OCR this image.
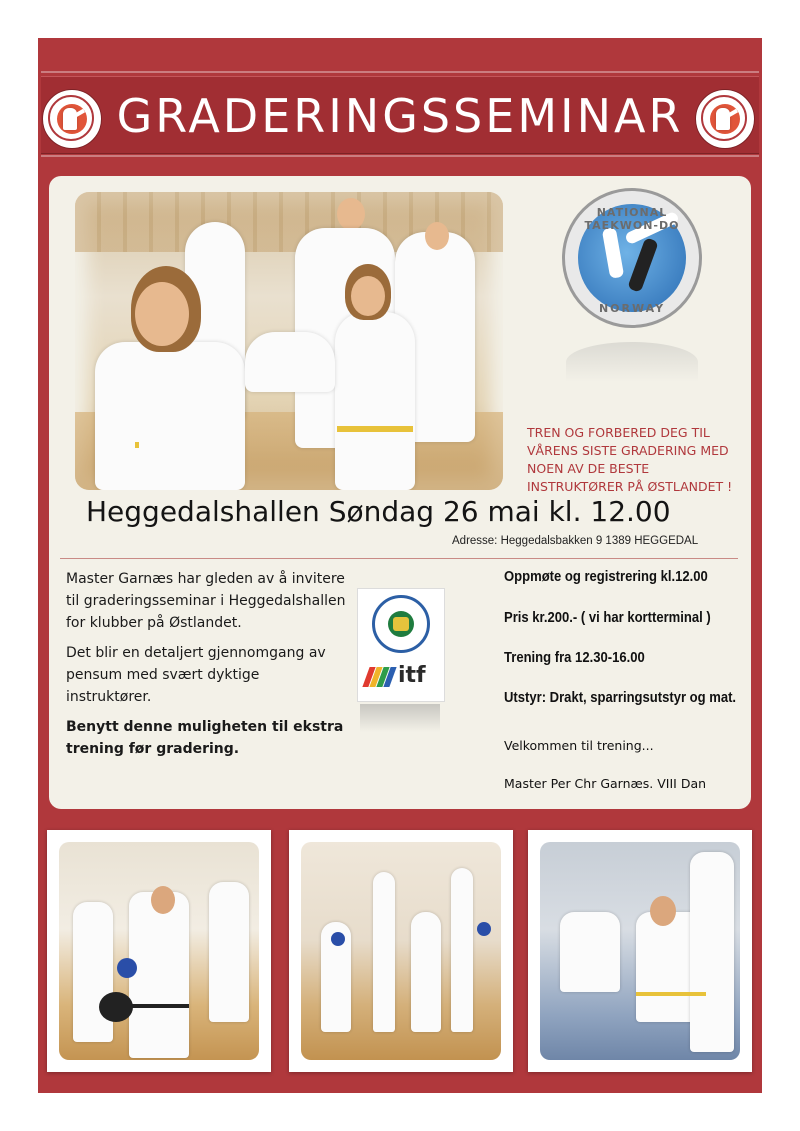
GRADERINGSSEMINAR
NATIONAL TAEKWON-DO
NORWAY
TREN OG FORBERED DEG TIL
VÅRENS SISTE GRADERING MED
NOEN AV DE BESTE
INSTRUKTØRER PÅ ØSTLANDET !
Heggedalshallen Søndag 26 mai kl. 12.00
Adresse: Heggedalsbakken 9 1389 HEGGEDAL

Master Garnæs har gleden av å invitere til graderingsseminar i Heggedalshallen for klubber på Østlandet.

Det blir en detaljert gjennomgang av pensum med svært dyktige instruktører.

Benytt denne muligheten til ekstra trening før gradering.

itf
Oppmøte og registrering kl.12.00
Pris kr.200.- ( vi har kortterminal )
Trening fra 12.30-16.00
Utstyr: Drakt, sparringsutstyr og mat.
Velkommen til trening...
Master Per Chr Garnæs. VIII Dan
